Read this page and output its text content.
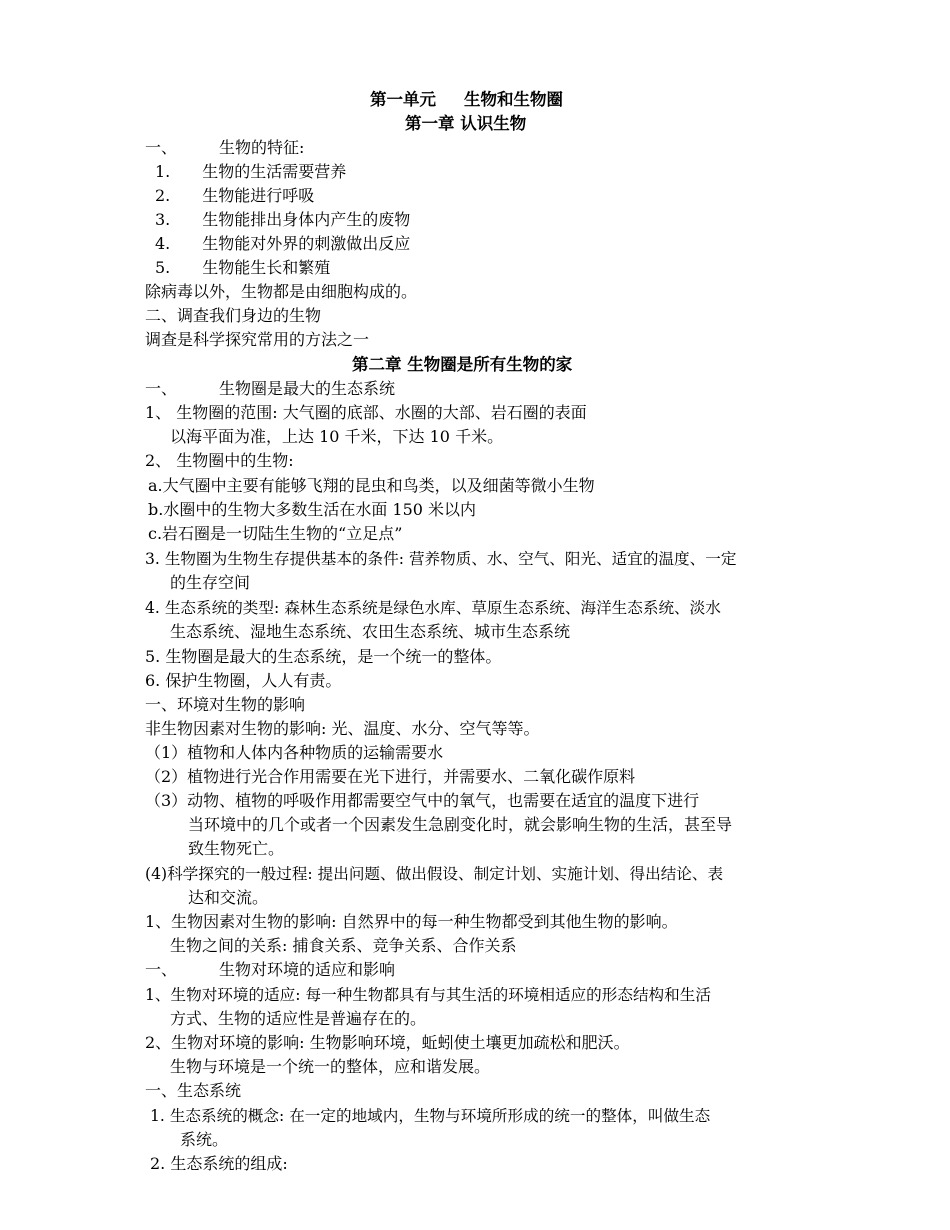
第一单元 生物和生物圈
第一章 认识生物
一、	生物的特征:
1. 生物的生活需要营养
2. 生物能进行呼吸
3. 生物能排出身体内产生的废物
4. 生物能对外界的刺激做出反应
5. 生物能生长和繁殖
除病毒以外，生物都是由细胞构成的。
二、调查我们身边的生物
调查是科学探究常用的方法之一
第二章 生物圈是所有生物的家
一、	生物圈是最大的生态系统
1、 生物圈的范围: 大气圈的底部、水圈的大部、岩石圈的表面
以海平面为准，上达 10 千米，下达 10 千米。
2、 生物圈中的生物:
a.大气圈中主要有能够飞翔的昆虫和鸟类，以及细菌等微小生物
b.水圈中的生物大多数生活在水面 150 米以内
c.岩石圈是一切陆生生物的“立足点”
3. 生物圈为生物生存提供基本的条件: 营养物质、水、空气、阳光、适宜的温度、一定
的生存空间
4. 生态系统的类型: 森林生态系统是绿色水库、草原生态系统、海洋生态系统、淡水
生态系统、湿地生态系统、农田生态系统、城市生态系统
5. 生物圈是最大的生态系统，是一个统一的整体。
6. 保护生物圈，人人有责。
一、环境对生物的影响
非生物因素对生物的影响: 光、温度、水分、空气等等。
（1）植物和人体内各种物质的运输需要水
（2）植物进行光合作用需要在光下进行，并需要水、二氧化碳作原料
（3）动物、植物的呼吸作用都需要空气中的氧气，也需要在适宜的温度下进行
当环境中的几个或者一个因素发生急剧变化时，就会影响生物的生活，甚至导
致生物死亡。
(4)科学探究的一般过程: 提出问题、做出假设、制定计划、实施计划、得出结论、表
达和交流。
1、生物因素对生物的影响: 自然界中的每一种生物都受到其他生物的影响。
生物之间的关系: 捕食关系、竞争关系、合作关系
一、	生物对环境的适应和影响
1、生物对环境的适应: 每一种生物都具有与其生活的环境相适应的形态结构和生活
方式、生物的适应性是普遍存在的。
2、生物对环境的影响: 生物影响环境，蚯蚓使土壤更加疏松和肥沃。
生物与环境是一个统一的整体，应和谐发展。
一、生态系统
1. 生态系统的概念: 在一定的地域内，生物与环境所形成的统一的整体，叫做生态
系统。
2. 生态系统的组成:
